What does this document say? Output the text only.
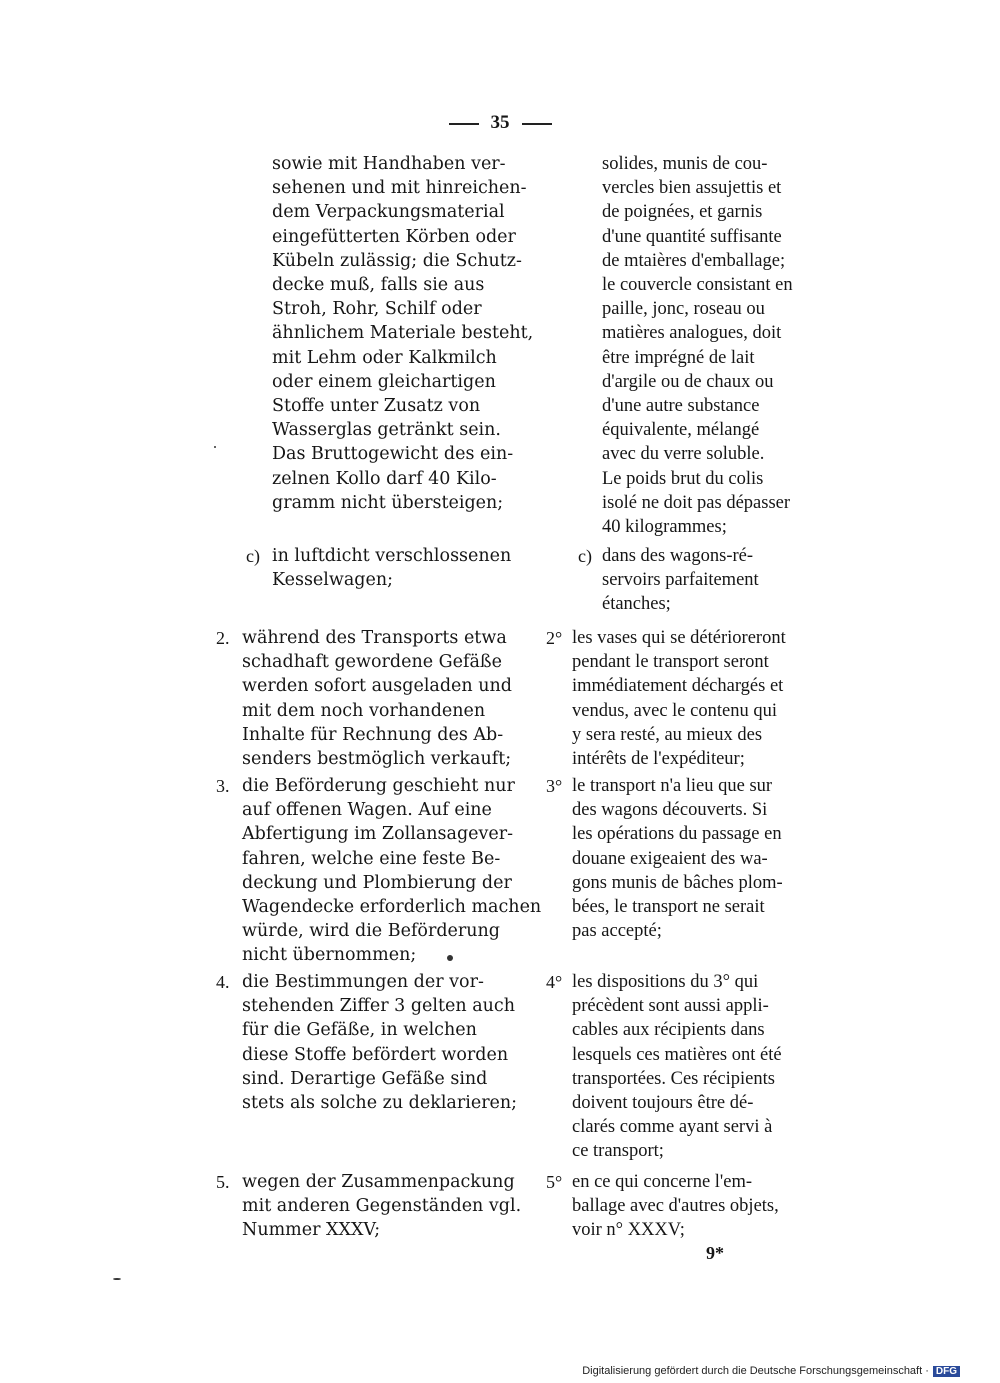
35
sowie mit Handhaben ver-
sehenen und mit hinreichen-
dem Verpackungsmaterial
eingefütterten Körben oder
Kübeln zulässig; die Schutz-
decke muß, falls sie aus
Stroh, Rohr, Schilf oder
ähnlichem Materiale besteht,
mit Lehm oder Kalkmilch
oder einem gleichartigen
Stoffe unter Zusatz von
Wasserglas getränkt sein.
Das Bruttogewicht des ein-
zelnen Kollo darf 40 Kilo-
gramm nicht übersteigen;
c) in luftdicht verschlossenen
Kesselwagen;
2. während des Transports etwa
schadhaft gewordene Gefäße
werden sofort ausgeladen und
mit dem noch vorhandenen
Inhalte für Rechnung des Ab-
senders bestmöglich verkauft;
3. die Beförderung geschieht nur
auf offenen Wagen. Auf eine
Abfertigung im Zollansagever-
fahren, welche eine feste Be-
deckung und Plombierung der
Wagendecke erforderlich machen
würde, wird die Beförderung
nicht übernommen;
4. die Bestimmungen der vor-
stehenden Ziffer 3 gelten auch
für die Gefäße, in welchen
diese Stoffe befördert worden
sind. Derartige Gefäße sind
stets als solche zu deklarieren;
5. wegen der Zusammenpackung
mit anderen Gegenständen vgl.
Nummer XXXV;
solides, munis de cou-
vercles bien assujettis et
de poignées, et garnis
d'une quantité suffisante
de mtaières d'emballage;
le couvercle consistant en
paille, jonc, roseau ou
matières analogues, doit
être imprégné de lait
d'argile ou de chaux ou
d'une autre substance
équivalente, mélangé
avec du verre soluble.
Le poids brut du colis
isolé ne doit pas dépasser
40 kilogrammes;
c) dans des wagons-ré-
servoirs parfaitement
étanches;
2° les vases qui se détérioreront
pendant le transport seront
immédiatement déchargés et
vendus, avec le contenu qui
y sera resté, au mieux des
intérêts de l'expéditeur;
3° le transport n'a lieu que sur
des wagons découverts. Si
les opérations du passage en
douane exigeaient des wa-
gons munis de bâches plom-
bées, le transport ne serait
pas accepté;
4° les dispositions du 3° qui
précèdent sont aussi appli-
cables aux récipients dans
lesquels ces matières ont été
transportées. Ces récipients
doivent toujours être dé-
clarés comme ayant servi à
ce transport;
5° en ce qui concerne l'em-
ballage avec d'autres objets,
voir n° XXXV;
9*
Digitalisierung gefördert durch die Deutsche Forschungsgemeinschaft · DFG
